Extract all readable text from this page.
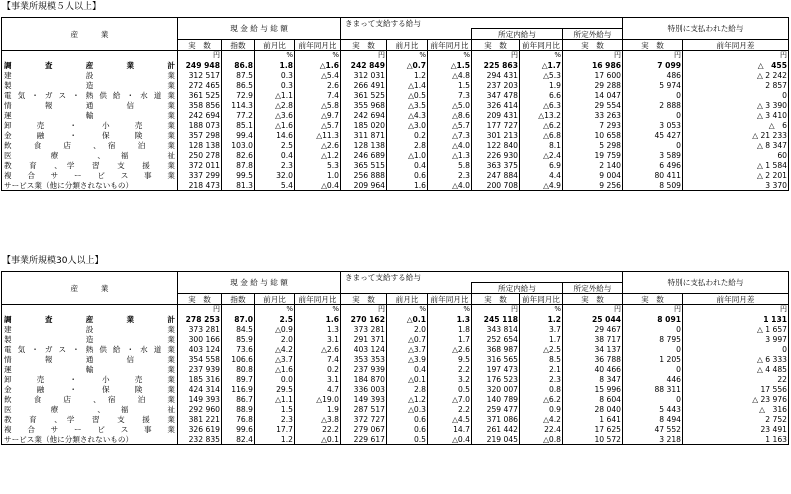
【事業所規模５人以上】
産　　　業	現 金 給 与 総 額				きまって支給する給与						特別に支払われた給与	
								所定内給与		所定外給与		
	実　数	指数	前月比	前年同月比	実　数	前月比	前年同月比	実　数	前年同月比	実　数	実　数	前年同月差
	円		%	%	円	%	%	円	%	円	円	円
調　査　産　業　計	249 948	86.8	1.8	△1.6	242 849	△0.7	△1.5	225 863	△1.7	16 986	7 099	△　455
建　設　業	312 517	87.5	0.3	△5.4	312 031	1.2	△4.8	294 431	△5.3	17 600	486	△ 2 242
製　造　業	272 465	86.5	0.3	2.6	266 491	△1.4	1.5	237 203	1.9	29 288	5 974	2 857
電気・ガス・熱供給・水道業	361 525	72.9	△1.1	7.4	361 525	△0.5	7.3	347 478	6.6	14 047	0	0
情　報　通　信　業	358 856	114.3	△2.8	△5.8	355 968	△3.5	△5.0	326 414	△6.3	29 554	2 888	△ 3 390
運　輸　業	242 694	77.2	△3.6	△9.7	242 694	△4.3	△8.6	209 431	△13.2	33 263	0	△ 3 410
卸　売　・　小　売　業	188 073	85.1	△1.6	△5.7	185 020	△3.0	△5.7	177 727	△6.2	7 293	3 053	△　6
金　融　・　保　険　業	357 298	99.4	14.6	△11.3	311 871	0.2	△7.3	301 213	△6.8	10 658	45 427	△ 21 233
飲　食　店　、宿　泊　業	128 138	103.0	2.5	△2.6	128 138	2.8	△4.0	122 840	8.1	5 298	0	△ 8 347
医　療　、福　祉	250 278	82.6	0.4	△1.2	246 689	△1.0	△1.3	226 930	△2.4	19 759	3 589	60
教　育　、学　習　支　援　業	372 011	87.8	2.3	5.3	365 515	0.4	5.8	363 375	6.9	2 140	6 496	△ 1 584
複　合　サ　ー　ビ　ス　事　業	337 299	99.5	32.0	1.0	256 888	0.6	2.3	247 884	4.4	9 004	80 411	△ 2 201
サービス業（他に分類されないもの）	218 473	81.3	5.4	△0.4	209 964	1.6	△4.0	200 708	△4.9	9 256	8 509	3 370
【事業所規模30人以上】
産　　　業	現 金 給 与 総 額				きまって支給する給与						特別に支払われた給与	
								所定内給与		所定外給与		
	実　数	指数	前月比	前年同月比	実　数	前月比	前年同月比	実　数	前年同月比	実　数	実　数	前年同月差
	円		%	%	円	%	%	円	%	円	円	円
調　査　産　業　計	278 253	87.0	2.5	1.6	270 162	△0.1	1.3	245 118	1.2	25 044	8 091	1 131
建　設　業	373 281	84.5	△0.9	1.3	373 281	2.0	1.8	343 814	3.7	29 467	0	△ 1 657
製　造　業	300 166	85.9	2.0	3.1	291 371	△0.7	1.7	252 654	1.7	38 717	8 795	3 997
電気・ガス・熱供給・水道業	403 124	73.6	△4.2	△2.6	403 124	△3.7	△2.6	368 987	△2.5	34 137	0	0
情　報　通　信　業	354 558	106.6	△3.7	7.4	353 353	△3.9	9.5	316 565	8.5	36 788	1 205	△ 6 333
運　輸　業	237 939	80.8	△1.6	0.2	237 939	0.4	2.2	197 473	2.1	40 466	0	△ 4 485
卸　売　・　小　売　業	185 316	89.7	0.0	3.1	184 870	△0.1	3.2	176 523	2.3	8 347	446	22
金　融　・　保　険　業	424 314	116.9	29.5	4.7	336 003	2.8	0.5	320 007	0.8	15 996	88 311	17 556
飲　食　店　、宿　泊　業	149 393	86.7	△1.1	△19.0	149 393	△1.2	△7.0	140 789	△6.2	8 604	0	△ 23 976
医　療　、福　祉	292 960	88.9	1.5	1.9	287 517	△0.3	2.2	259 477	0.9	28 040	5 443	△　316
教　育　、学　習　支　援　業	381 221	76.8	2.3	△3.8	372 727	0.6	△4.5	371 086	△4.2	1 641	8 494	2 752
複　合　サ　ー　ビ　ス　事　業	326 619	99.6	17.7	22.2	279 067	0.6	14.7	261 442	22.4	17 625	47 552	23 491
サービス業（他に分類されないもの）	232 835	82.4	1.2	△0.1	229 617	0.5	△0.4	219 045	△0.8	10 572	3 218	1 163
